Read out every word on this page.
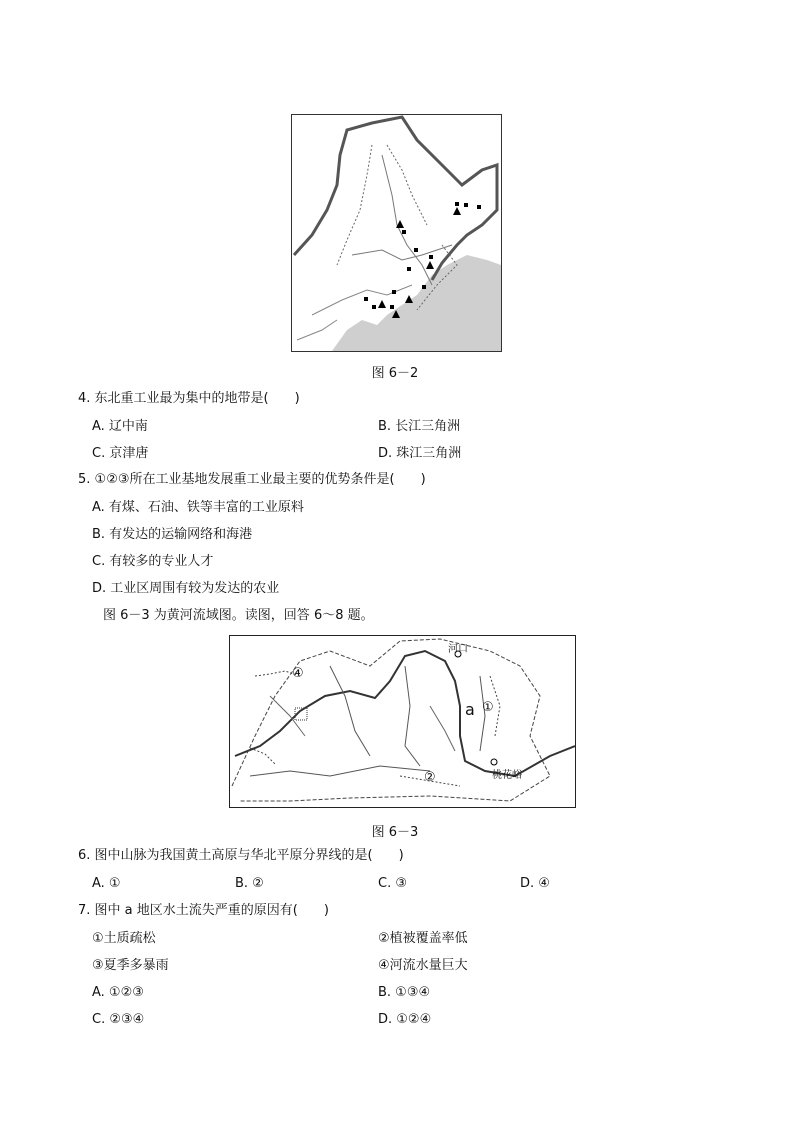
图 6－2
4. 东北重工业最为集中的地带是(　　)
A. 辽中南	B. 长江三角洲
C. 京津唐	D. 珠江三角洲
5. ①②③所在工业基地发展重工业最主要的优势条件是(　　)
A. 有煤、石油、铁等丰富的工业原料
B. 有发达的运输网络和海港
C. 有较多的专业人才
D. 工业区周围有较为发达的农业
图 6－3 为黄河流域图。读图，回答 6～8 题。
河口
桃花峪
a ①
②
④
图 6－3
6. 图中山脉为我国黄土高原与华北平原分界线的是(　　)
A. ①	B. ②	C. ③	D. ④
7. 图中 a 地区水土流失严重的原因有(　　)
①土质疏松	②植被覆盖率低
③夏季多暴雨	④河流水量巨大
A. ①②③	B. ①③④
C. ②③④	D. ①②④
